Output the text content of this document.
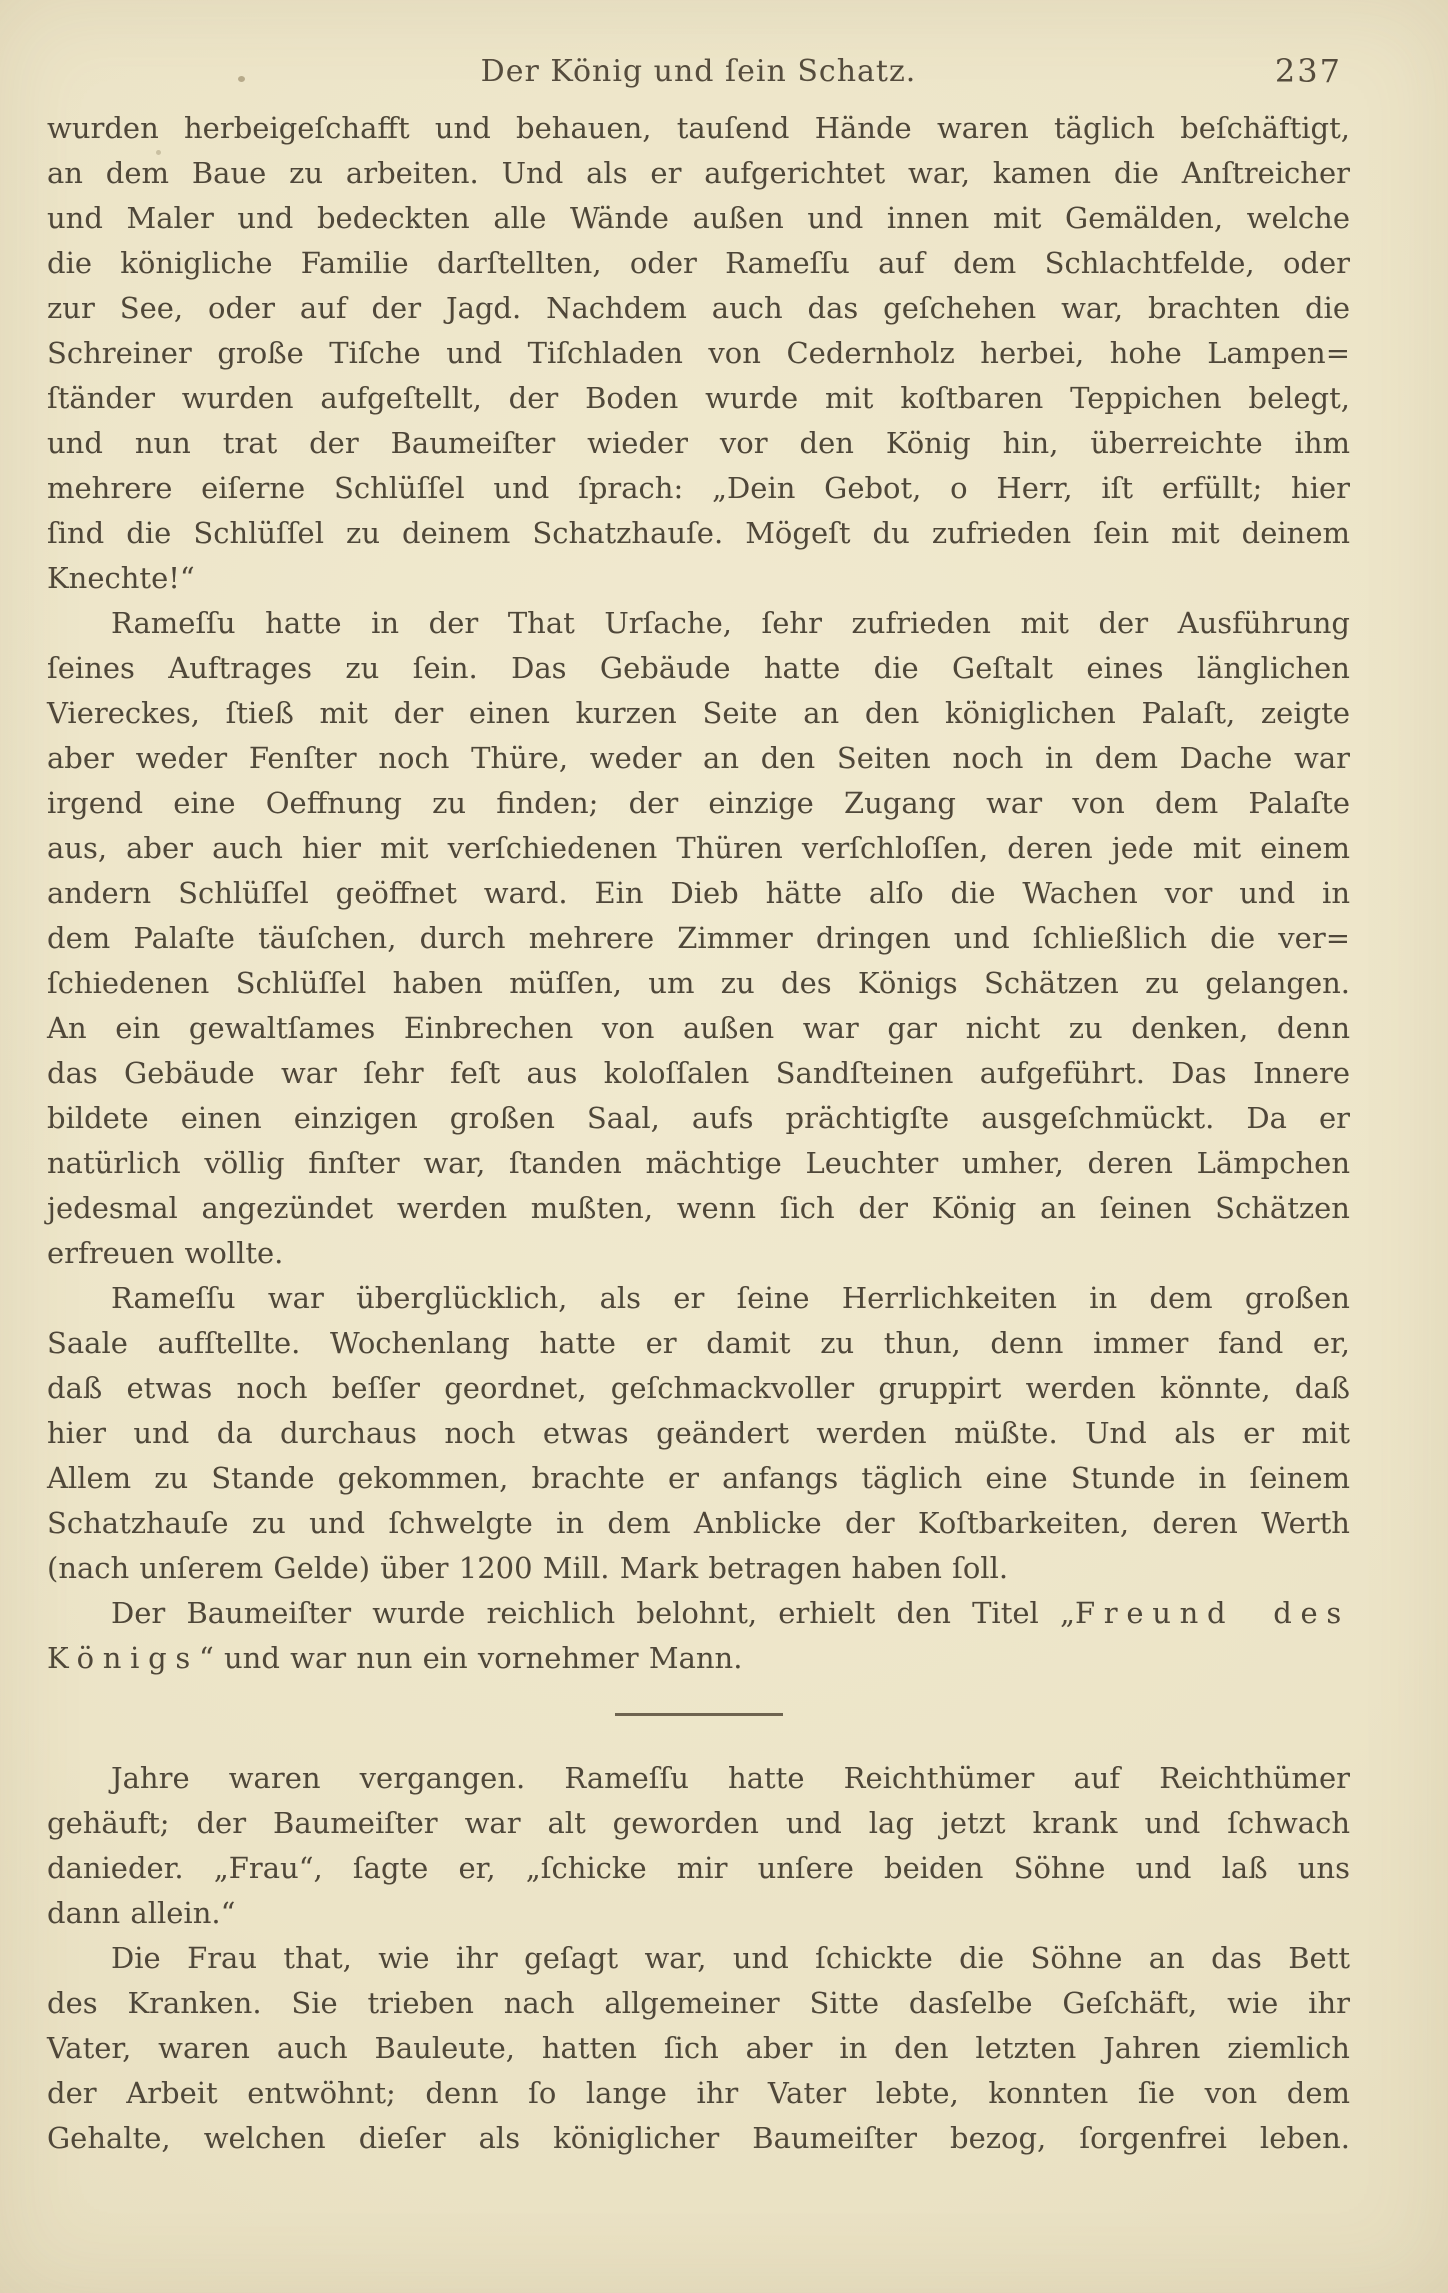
Der König und ſein Schatz.	237
wurden herbeigeſchafft und behauen, tauſend Hände waren täglich beſchäftigt,
an dem Baue zu arbeiten. Und als er aufgerichtet war, kamen die Anſtreicher
und Maler und bedeckten alle Wände außen und innen mit Gemälden, welche
die königliche Familie darſtellten, oder Rameſſu auf dem Schlachtfelde, oder
zur See, oder auf der Jagd. Nachdem auch das geſchehen war, brachten die
Schreiner große Tiſche und Tiſchladen von Cedernholz herbei, hohe Lampen=
ſtänder wurden aufgeſtellt, der Boden wurde mit koſtbaren Teppichen belegt,
und nun trat der Baumeiſter wieder vor den König hin, überreichte ihm
mehrere eiſerne Schlüſſel und ſprach: „Dein Gebot, o Herr, iſt erfüllt; hier
ſind die Schlüſſel zu deinem Schatzhauſe. Mögeſt du zufrieden ſein mit deinem
Knechte!“
Rameſſu hatte in der That Urſache, ſehr zufrieden mit der Ausführung
ſeines Auftrages zu ſein. Das Gebäude hatte die Geſtalt eines länglichen
Viereckes, ſtieß mit der einen kurzen Seite an den königlichen Palaſt, zeigte
aber weder Fenſter noch Thüre, weder an den Seiten noch in dem Dache war
irgend eine Oeffnung zu finden; der einzige Zugang war von dem Palaſte
aus, aber auch hier mit verſchiedenen Thüren verſchloſſen, deren jede mit einem
andern Schlüſſel geöffnet ward. Ein Dieb hätte alſo die Wachen vor und in
dem Palaſte täuſchen, durch mehrere Zimmer dringen und ſchließlich die ver=
ſchiedenen Schlüſſel haben müſſen, um zu des Königs Schätzen zu gelangen.
An ein gewaltſames Einbrechen von außen war gar nicht zu denken, denn
das Gebäude war ſehr feſt aus koloſſalen Sandſteinen aufgeführt. Das Innere
bildete einen einzigen großen Saal, aufs prächtigſte ausgeſchmückt. Da er
natürlich völlig finſter war, ſtanden mächtige Leuchter umher, deren Lämpchen
jedesmal angezündet werden mußten, wenn ſich der König an ſeinen Schätzen
erfreuen wollte.
Rameſſu war überglücklich, als er ſeine Herrlichkeiten in dem großen
Saale aufſtellte. Wochenlang hatte er damit zu thun, denn immer fand er,
daß etwas noch beſſer geordnet, geſchmackvoller gruppirt werden könnte, daß
hier und da durchaus noch etwas geändert werden müßte. Und als er mit
Allem zu Stande gekommen, brachte er anfangs täglich eine Stunde in ſeinem
Schatzhauſe zu und ſchwelgte in dem Anblicke der Koſtbarkeiten, deren Werth
(nach unſerem Gelde) über 1200 Mill. Mark betragen haben ſoll.
Der Baumeiſter wurde reichlich belohnt, erhielt den Titel „Freund des
Königs“ und war nun ein vornehmer Mann.
Jahre waren vergangen. Rameſſu hatte Reichthümer auf Reichthümer
gehäuft; der Baumeiſter war alt geworden und lag jetzt krank und ſchwach
danieder. „Frau“, ſagte er, „ſchicke mir unſere beiden Söhne und laß uns
dann allein.“
Die Frau that, wie ihr geſagt war, und ſchickte die Söhne an das Bett
des Kranken. Sie trieben nach allgemeiner Sitte dasſelbe Geſchäft, wie ihr
Vater, waren auch Bauleute, hatten ſich aber in den letzten Jahren ziemlich
der Arbeit entwöhnt; denn ſo lange ihr Vater lebte, konnten ſie von dem
Gehalte, welchen dieſer als königlicher Baumeiſter bezog, ſorgenfrei leben.
